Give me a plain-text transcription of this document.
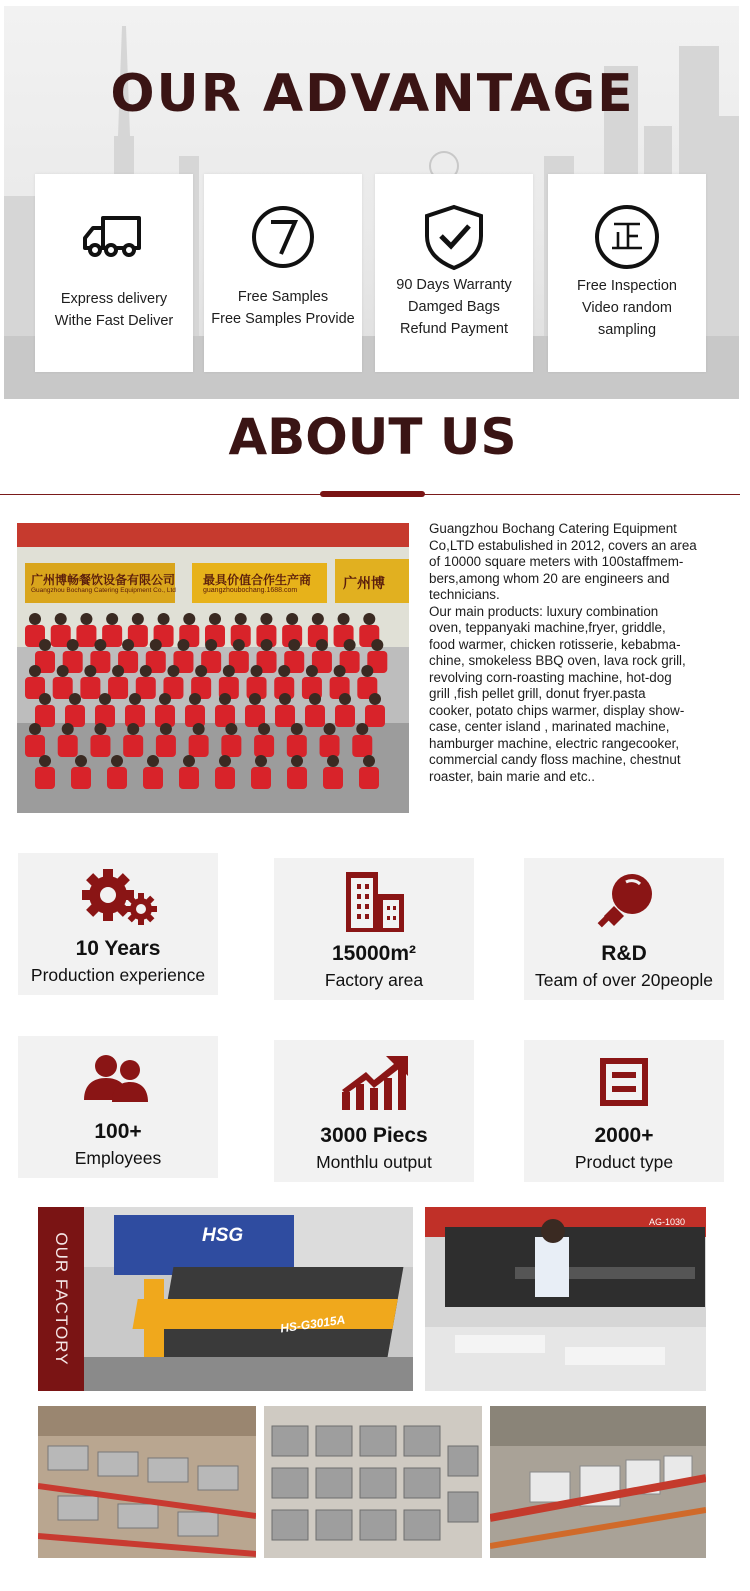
OUR ADVANTAGE
Express delivery
Withe Fast Deliver
Free Samples
Free Samples Provide
90 Days Warranty
Damged Bags
Refund Payment
Free Inspection
Video random
sampling
ABOUT US
广州博畅餐饮设备有限公司
Guangzhou Bochang Catering Equipment Co., Ltd
最具价值合作生产商
guangzhoubochang.1688.com	广州博
Guangzhou Bochang Catering Equipment
Co,LTD estabulished in 2012, covers an area
of 10000 square meters with 100staffmem-
bers,among whom 20 are engineers and
technicians.
Our main products: luxury combination
oven, teppanyaki machine,fryer, griddle,
food warmer, chicken rotisserie, kebabma-
chine, smokeless BBQ oven, lava rock grill,
revolving corn-roasting machine, hot-dog
grill ,fish pellet grill, donut fryer.pasta
cooker, potato chips warmer, display show-
case, center island , marinated machine,
hamburger machine, electric rangecooker,
commercial candy floss machine, chestnut
roaster, bain marie and etc..
10 Years
Production experience
15000m²
Factory area
R&D
Team of over 20people
100+
Employees
3000 Piecs
Monthlu output
2000+
Product type
OUR FACTORY	HSG
HS-G3015A
AG-1030
